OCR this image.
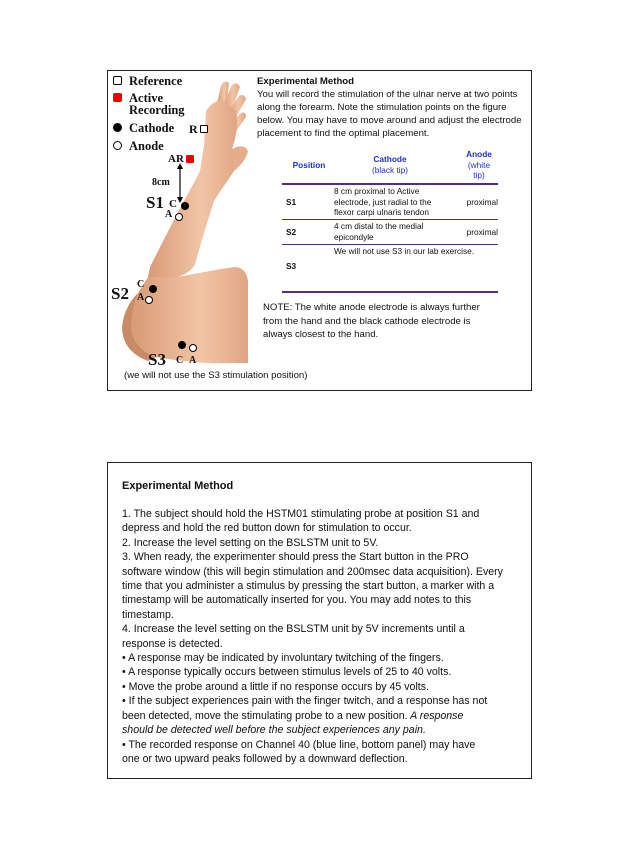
Reference
Active
Recording
Cathode
Anode
R
AR
8cm
S1 C
A
S2 C
A
S3 C A
(we will not use the S3 stimulation position)
Experimental Method
You will record the stimulation of the ulnar nerve at two points
along the forearm. Note the stimulation points on the figure
below. You may have to move around and adjust the electrode
placement to find the optimal placement.
Position
Cathode
(black tip)
Anode
(white
tip)
S1
8 cm proximal to Active
electrode, just radial to the
flexor carpi ulnaris tendon
proximal
S2
4 cm distal to the medial
epicondyle	proximal
S3
We will not use S3 in our lab exercise.
NOTE: The white anode electrode is always further
from the hand and the black cathode electrode is
always closest to the hand.
Experimental Method
1. The subject should hold the HSTM01 stimulating probe at position S1 and
depress and hold the red button down for stimulation to occur.
2. Increase the level setting on the BSLSTM unit to 5V.
3. When ready, the experimenter should press the Start button in the PRO
software window (this will begin stimulation and 200msec data acquisition). Every
time that you administer a stimulus by pressing the start button, a marker with a
timestamp will be automatically inserted for you. You may add notes to this
timestamp.
4. Increase the level setting on the BSLSTM unit by 5V increments until a
response is detected.
• A response may be indicated by involuntary twitching of the fingers.
• A response typically occurs between stimulus levels of 25 to 40 volts.
• Move the probe around a little if no response occurs by 45 volts.
• If the subject experiences pain with the finger twitch, and a response has not
been detected, move the stimulating probe to a new position. A response
should be detected well before the subject experiences any pain.
• The recorded response on Channel 40 (blue line, bottom panel) may have
one or two upward peaks followed by a downward deflection.
